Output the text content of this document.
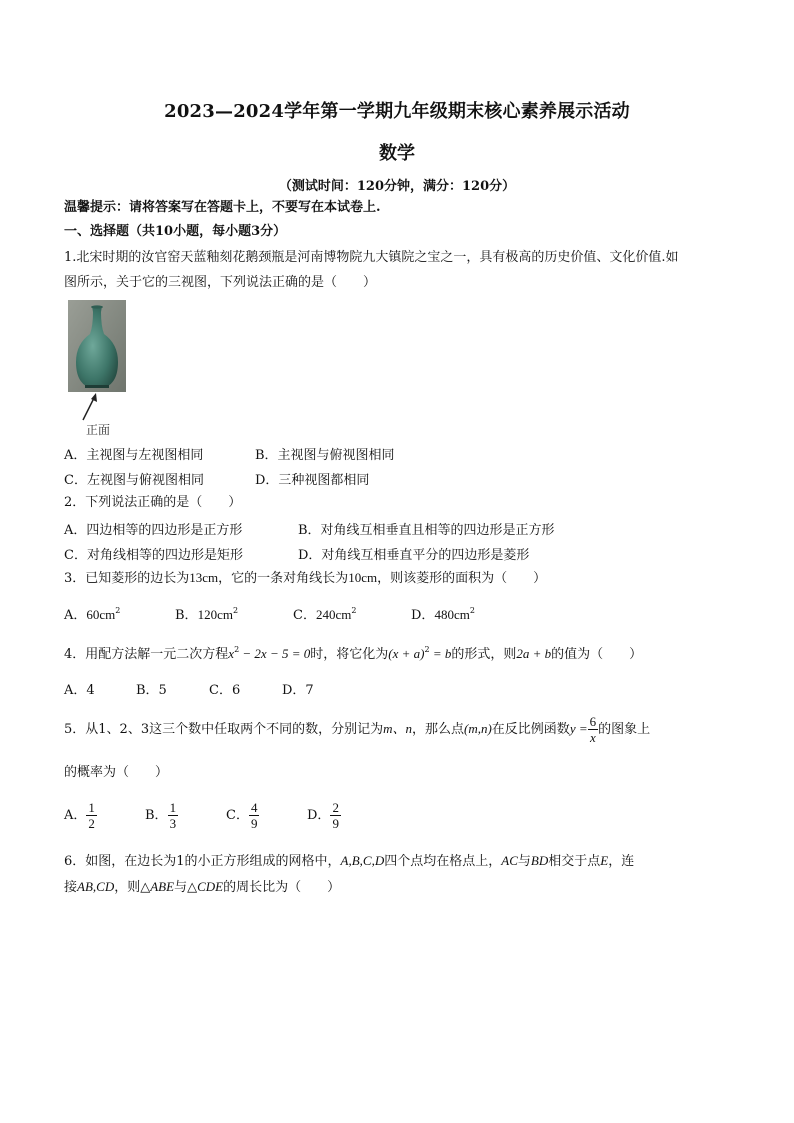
2023—2024学年第一学期九年级期末核心素养展示活动
数学
（测试时间：120分钟，满分：120分）
温馨提示：请将答案写在答题卡上，不要写在本试卷上.
一、选择题（共10小题，每小题3分）
1.北宋时期的汝官窑天蓝釉刻花鹅颈瓶是河南博物院九大镇院之宝之一，具有极高的历史价值、文化价值.如
图所示，关于它的三视图，下列说法正确的是（　　）
正面
A．主视图与左视图相同	B．主视图与俯视图相同
C．左视图与俯视图相同	D．三种视图都相同
2．下列说法正确的是（　　）
A．四边相等的四边形是正方形	B．对角线互相垂直且相等的四边形是正方形
C．对角线相等的四边形是矩形	D．对角线互相垂直平分的四边形是菱形
3．已知菱形的边长为13cm，它的一条对角线长为10cm，则该菱形的面积为（　　）
A．$60cm^2$	B．$120cm^2$	C．$240cm^2$	D．$480cm^2$
4．用配方法解一元二次方程$x^2 - 2x - 5 = 0$时，将它化为$(x + a)^2 = b$的形式，则2a + b的值为（　　）
A．4	B．5	C．6	D．7
5．从1、2、3这三个数中任取两个不同的数，分别记为m、n，那么点(m,n)在反比例函数$y = \frac{6}{x}$ 的图象上
的概率为（　　）
A． $\frac{1}{2}$	B． $\frac{1}{3}$	C． $\frac{4}{9}$	D． $\frac{2}{9}$
6．如图，在边长为1的小正方形组成的网格中，A,B,C,D四个点均在格点上，AC与BD相交于点E，连
接AB,CD，则△ABE与△CDE的周长比为（　　）
